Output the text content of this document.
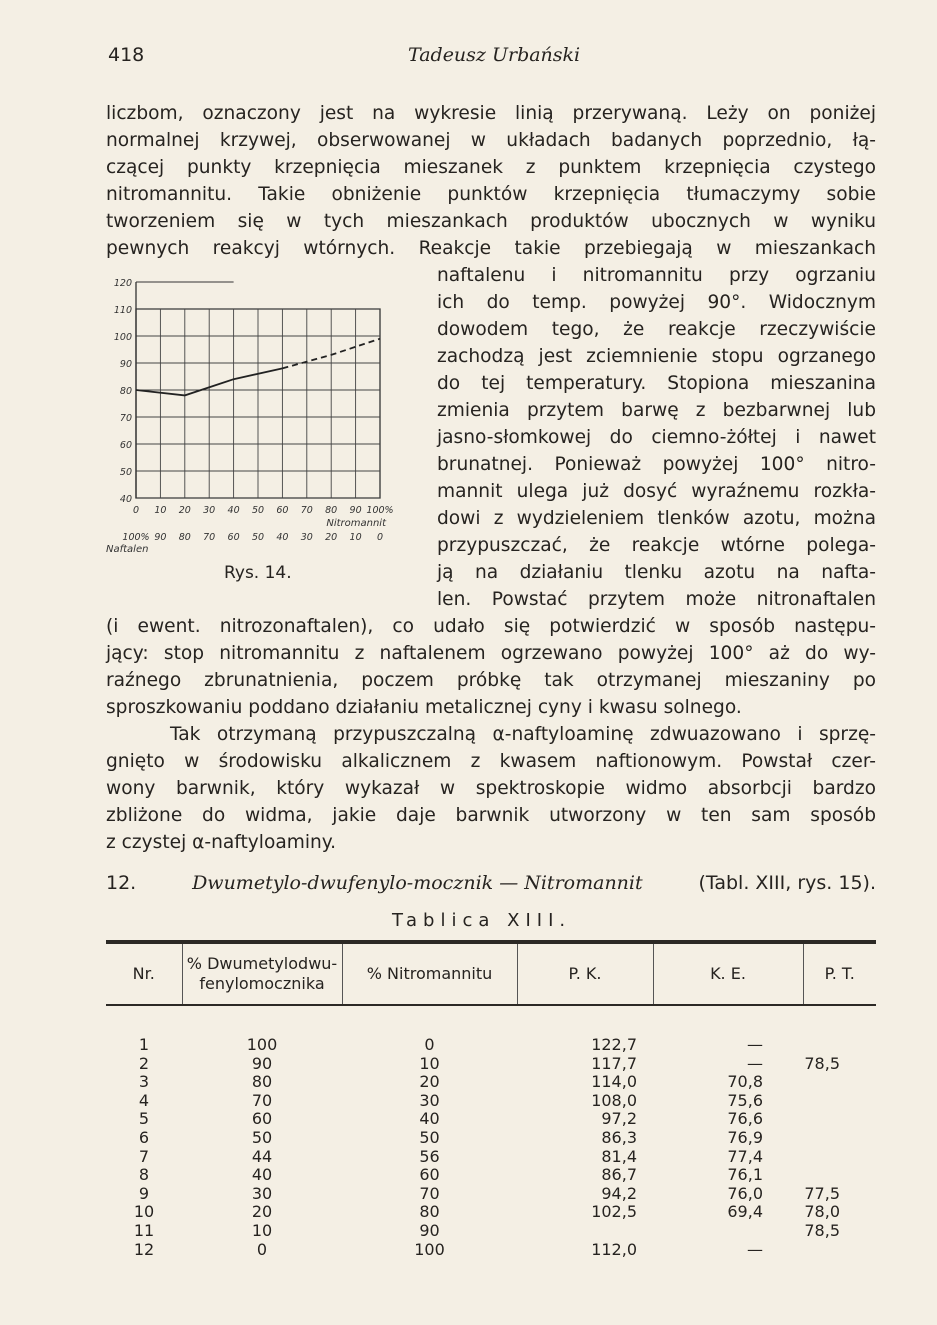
418	Tadeusz Urbański
liczbom, oznaczony jest na wykresie linią przerywaną. Leży on poniżej
normalnej krzywej, obserwowanej w układach badanych poprzednio, łą-
czącej punkty krzepnięcia mieszanek z punktem krzepnięcia czystego
nitromannitu. Takie obniżenie punktów krzepnięcia tłumaczymy sobie
tworzeniem się w tych mieszankach produktów ubocznych w wyniku
pewnych reakcyj wtórnych. Reakcje takie przebiegają w mieszankach
naftalenu i nitromannitu przy ogrzaniu
ich do temp. powyżej 90°. Widocznym
dowodem tego, że reakcje rzeczywiście
zachodzą jest zciemnienie stopu ogrzanego
do tej temperatury. Stopiona mieszanina
zmienia przytem barwę z bezbarwnej lub
jasno-słomkowej do ciemno-żółtej i nawet
brunatnej. Ponieważ powyżej 100° nitro-
mannit ulega już dosyć wyraźnemu rozkła-
dowi z wydzieleniem tlenków azotu, można
przypuszczać, że reakcje wtórne polega-
ją na działaniu tlenku azotu na nafta-
len. Powstać przytem może nitronaftalen
(i ewent. nitrozonaftalen), co udało się potwierdzić w sposób następu-
jący: stop nitromannitu z naftalenem ogrzewano powyżej 100° aż do wy-
raźnego zbrunatnienia, poczem próbkę tak otrzymanej mieszaniny po
sproszkowaniu poddano działaniu metalicznej cyny i kwasu solnego.
Tak otrzymaną przypuszczalną α-naftyloaminę zdwuazowano i sprzę-
gnięto w środowisku alkalicznem z kwasem naftionowym. Powstał czer-
wony barwnik, który wykazał w spektroskopie widmo absorbcji bardzo
zbliżone do widma, jakie daje barwnik utworzony w ten sam sposób
z czystej α-naftyloaminy.
120
110
100
90
80
70
60
50
40
0 10 20 30 40 50 60 70 80 90 100%
Nitromannit
100% 90 80 70 60 50 40 30 20 10 0
Naftalen
Rys. 14.
12.	Dwumetylo-dwufenylo-mocznik — Nitromannit	(Tabl. XIII, rys. 15).
Tablica XIII.
Nr.	% Dwumetylodwu-fenylomocznika	% Nitromannitu	P. K.	K. E.	P. T.
1	100	0	122,7	—	
2	90	10	117,7	—	78,5
3	80	20	114,0	70,8	
4	70	30	108,0	75,6	
5	60	40	97,2	76,6	
6	50	50	86,3	76,9	
7	44	56	81,4	77,4	
8	40	60	86,7	76,1	
9	30	70	94,2	76,0	77,5
10	20	80	102,5	69,4	78,0
11	10	90			78,5
12	0	100	112,0	—	
